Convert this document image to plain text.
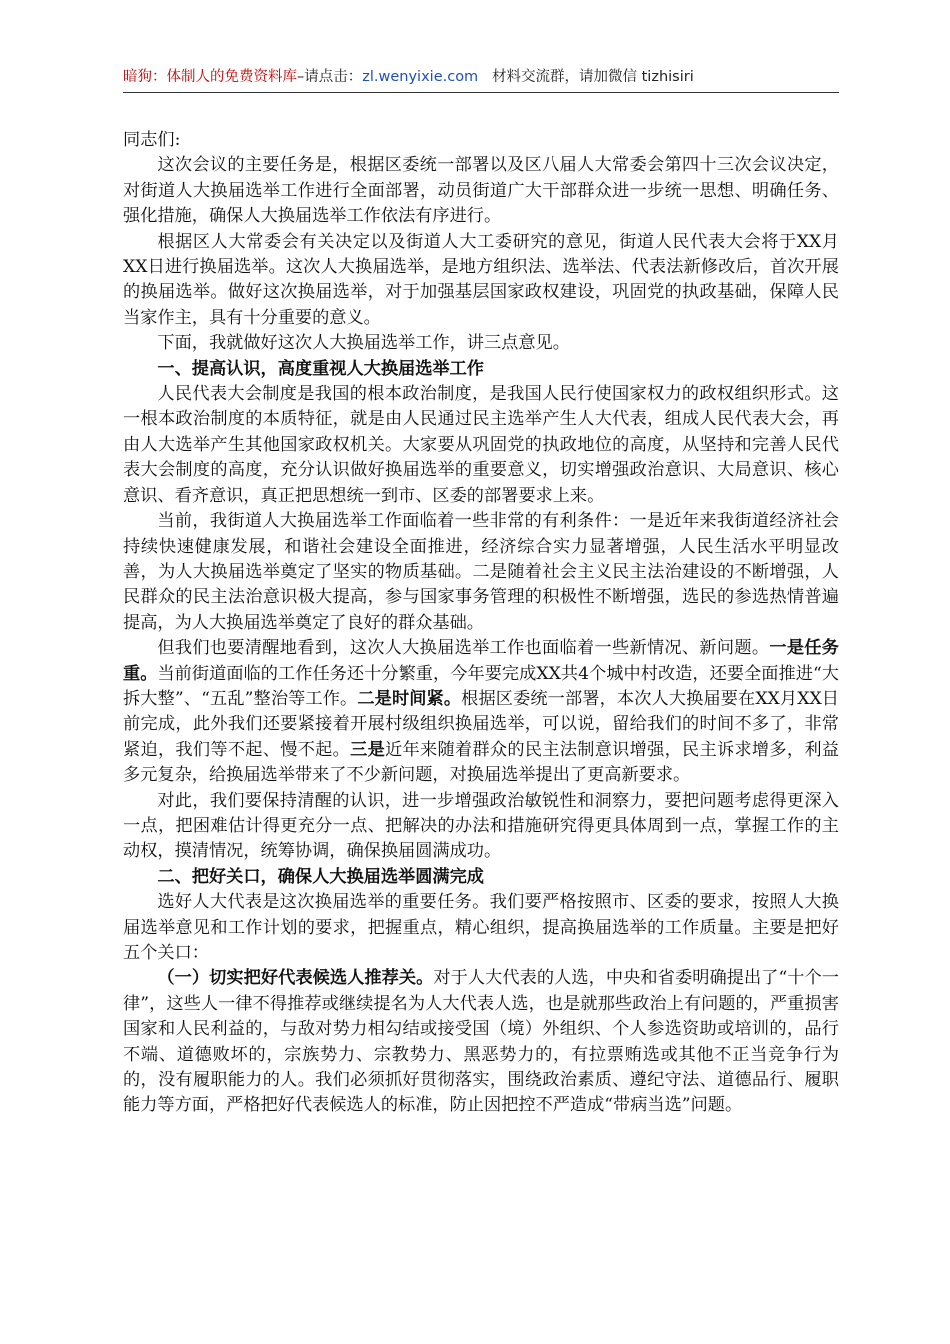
暗狗：体制人的免费资料库–请点击：zl.wenyixie.com 材料交流群，请加微信 tizhisiri

同志们:

这次会议的主要任务是，根据区委统一部署以及区八届人大常委会第四十三次会议决定，对街道人大换届选举工作进行全面部署，动员街道广大干部群众进一步统一思想、明确任务、强化措施，确保人大换届选举工作依法有序进行。

根据区人大常委会有关决定以及街道人大工委研究的意见，街道人民代表大会将于XX月XX日进行换届选举。这次人大换届选举，是地方组织法、选举法、代表法新修改后，首次开展的换届选举。做好这次换届选举，对于加强基层国家政权建设，巩固党的执政基础，保障人民当家作主，具有十分重要的意义。

下面，我就做好这次人大换届选举工作，讲三点意见。

一、提高认识，高度重视人大换届选举工作

人民代表大会制度是我国的根本政治制度，是我国人民行使国家权力的政权组织形式。这一根本政治制度的本质特征，就是由人民通过民主选举产生人大代表，组成人民代表大会，再由人大选举产生其他国家政权机关。大家要从巩固党的执政地位的高度，从坚持和完善人民代表大会制度的高度，充分认识做好换届选举的重要意义，切实增强政治意识、大局意识、核心意识、看齐意识，真正把思想统一到市、区委的部署要求上来。

当前，我街道人大换届选举工作面临着一些非常的有利条件：一是近年来我街道经济社会持续快速健康发展，和谐社会建设全面推进，经济综合实力显著增强，人民生活水平明显改善，为人大换届选举奠定了坚实的物质基础。二是随着社会主义民主法治建设的不断增强，人民群众的民主法治意识极大提高，参与国家事务管理的积极性不断增强，选民的参选热情普遍提高，为人大换届选举奠定了良好的群众基础。

但我们也要清醒地看到，这次人大换届选举工作也面临着一些新情况、新问题。一是任务重。当前街道面临的工作任务还十分繁重，今年要完成XX共4个城中村改造，还要全面推进“大拆大整”、“五乱”整治等工作。二是时间紧。根据区委统一部署，本次人大换届要在XX月XX日前完成，此外我们还要紧接着开展村级组织换届选举，可以说，留给我们的时间不多了，非常紧迫，我们等不起、慢不起。三是近年来随着群众的民主法制意识增强，民主诉求增多，利益多元复杂，给换届选举带来了不少新问题，对换届选举提出了更高新要求。

对此，我们要保持清醒的认识，进一步增强政治敏锐性和洞察力，要把问题考虑得更深入一点，把困难估计得更充分一点、把解决的办法和措施研究得更具体周到一点，掌握工作的主动权，摸清情况，统筹协调，确保换届圆满成功。

二、把好关口，确保人大换届选举圆满完成

选好人大代表是这次换届选举的重要任务。我们要严格按照市、区委的要求，按照人大换届选举意见和工作计划的要求，把握重点，精心组织，提高换届选举的工作质量。主要是把好五个关口：

（一）切实把好代表候选人推荐关。对于人大代表的人选，中央和省委明确提出了“十个一律”，这些人一律不得推荐或继续提名为人大代表人选，也是就那些政治上有问题的，严重损害国家和人民利益的，与敌对势力相勾结或接受国（境）外组织、个人参选资助或培训的，品行不端、道德败坏的，宗族势力、宗教势力、黑恶势力的，有拉票贿选或其他不正当竞争行为的，没有履职能力的人。我们必须抓好贯彻落实，围绕政治素质、遵纪守法、道德品行、履职能力等方面，严格把好代表候选人的标准，防止因把控不严造成“带病当选”问题。
